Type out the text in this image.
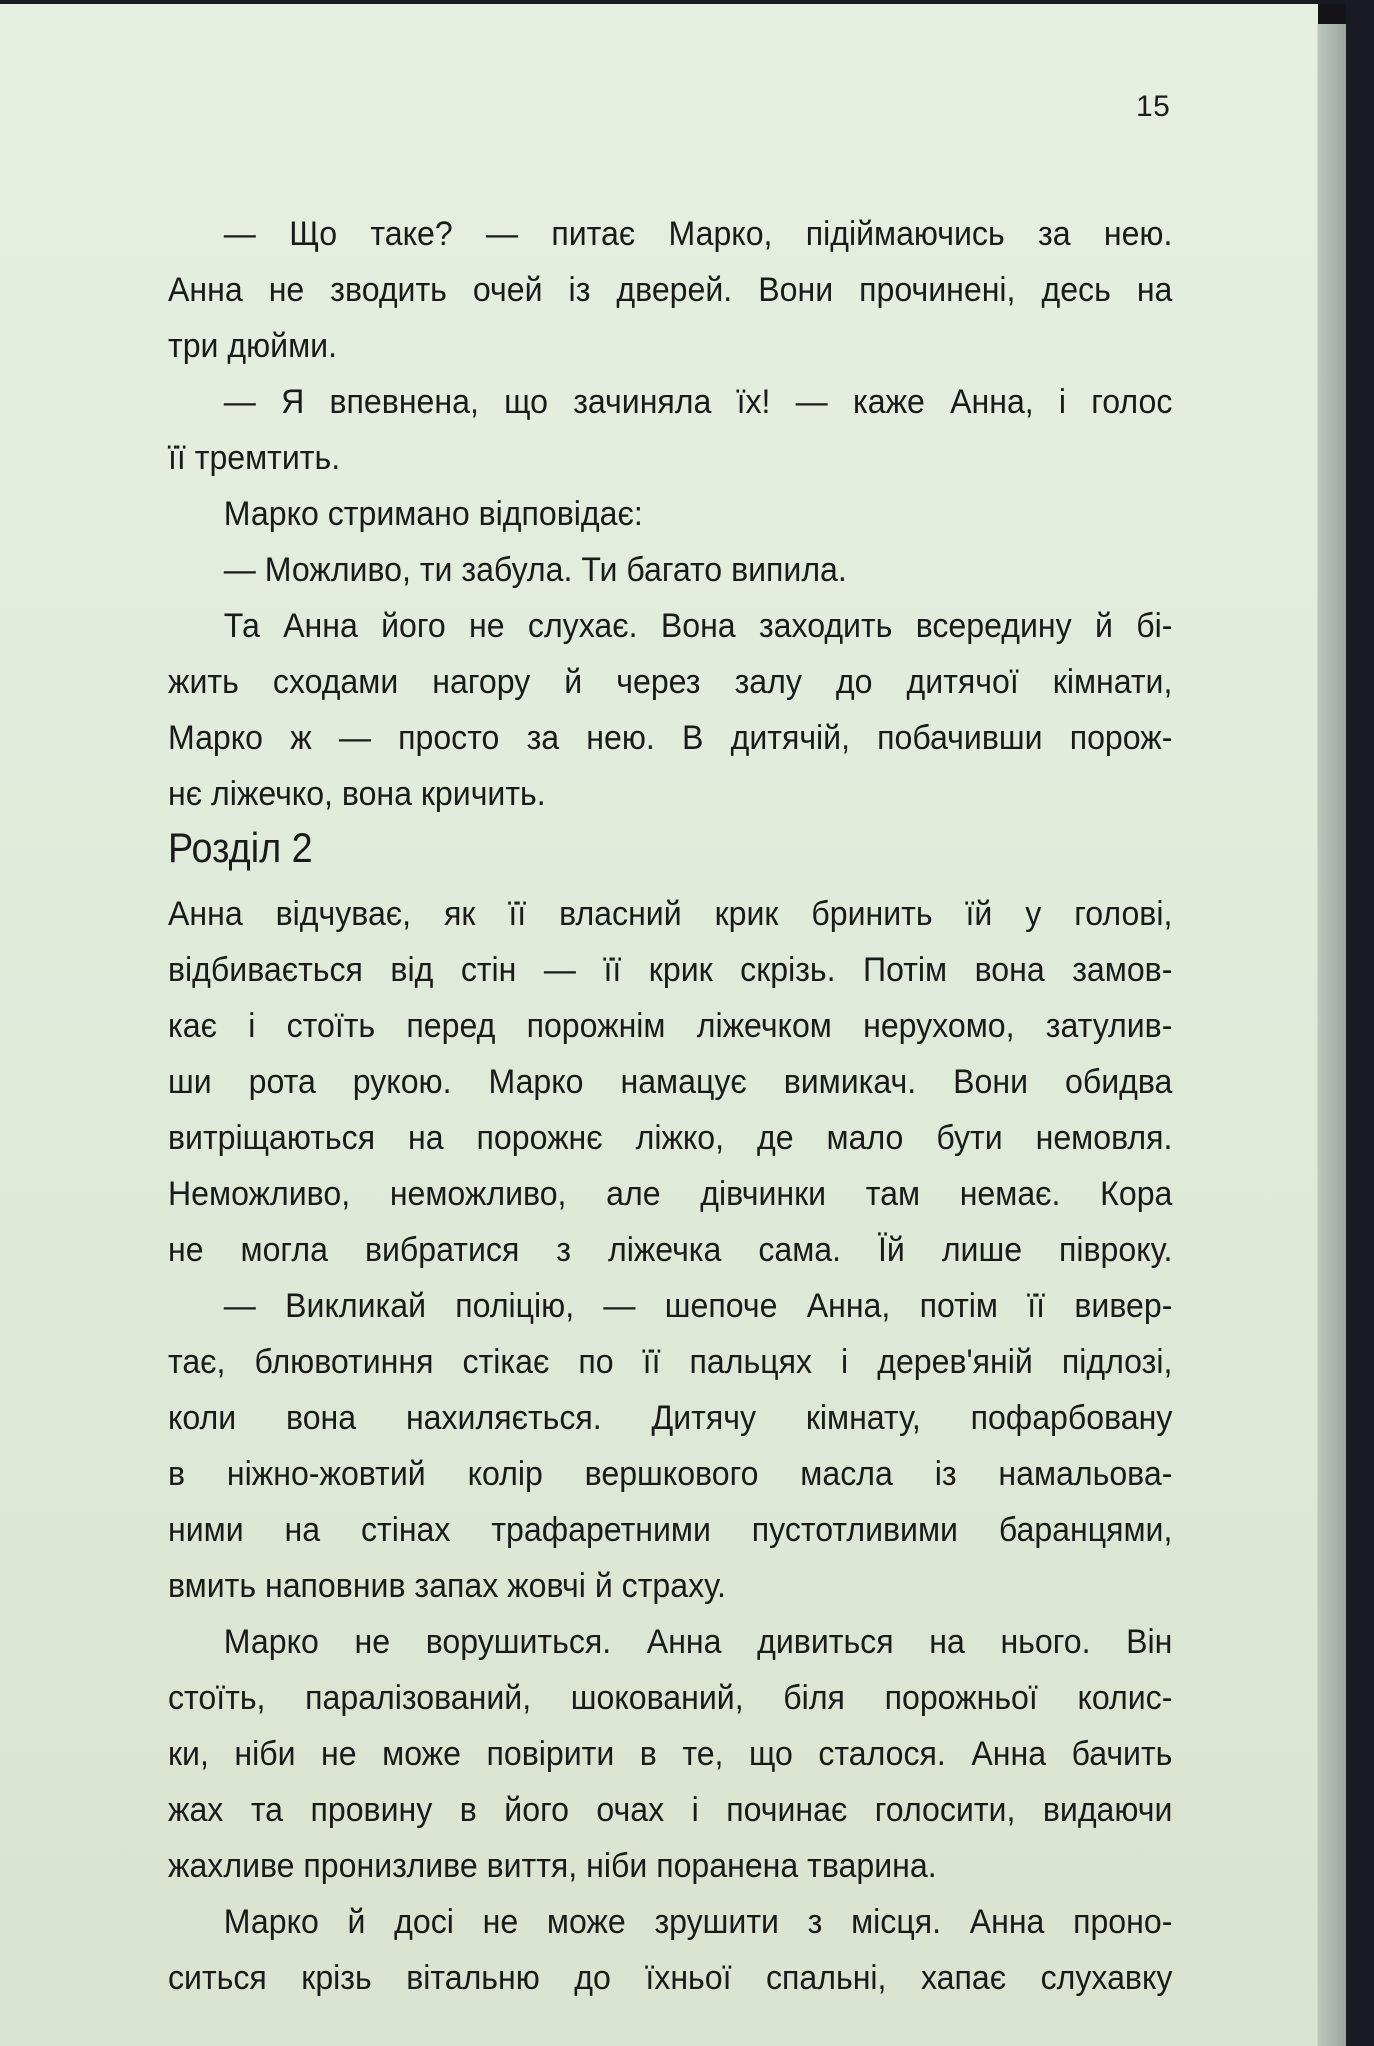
15
— Що таке? — питає Марко, підіймаючись за нею.
Анна не зводить очей із дверей. Вони прочинені, десь на
три дюйми.
— Я впевнена, що зачиняла їх! — каже Анна, і голос
її тремтить.
Марко стримано відповідає:
— Можливо, ти забула. Ти багато випила.
Та Анна його не слухає. Вона заходить всередину й бі-
жить сходами нагору й через залу до дитячої кімнати,
Марко ж — просто за нею. В дитячій, побачивши порож-
нє ліжечко, вона кричить.
Розділ 2
Анна відчуває, як її власний крик бринить їй у голові,
відбивається від стін — її крик скрізь. Потім вона замов-
кає і стоїть перед порожнім ліжечком нерухомо, затулив-
ши рота рукою. Марко намацує вимикач. Вони обидва
витріщаються на порожнє ліжко, де мало бути немовля.
Неможливо, неможливо, але дівчинки там немає. Кора
не могла вибратися з ліжечка сама. Їй лише півроку.
— Викликай поліцію, — шепоче Анна, потім її вивер-
тає, блювотиння стікає по її пальцях і дерев'яній підлозі,
коли вона нахиляється. Дитячу кімнату, пофарбовану
в ніжно-жовтий колір вершкового масла із намальова-
ними на стінах трафаретними пустотливими баранцями,
вмить наповнив запах жовчі й страху.
Марко не ворушиться. Анна дивиться на нього. Він
стоїть, паралізований, шокований, біля порожньої колис-
ки, ніби не може повірити в те, що сталося. Анна бачить
жах та провину в його очах і починає голосити, видаючи
жахливе пронизливе виття, ніби поранена тварина.
Марко й досі не може зрушити з місця. Анна проно-
ситься крізь вітальню до їхньої спальні, хапає слухавку
